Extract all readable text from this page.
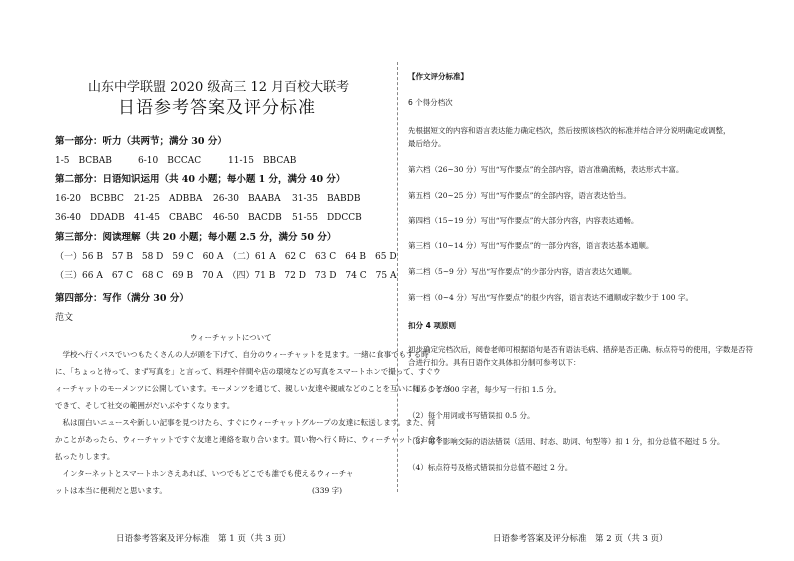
山东中学联盟 2020 级高三 12 月百校大联考
日语参考答案及评分标准
第一部分：听力（共两节；满分 30 分）
1-5　BCBAB	6-10　BCCAC	11-15　BBCAB
第二部分：日语知识运用（共 40 小题；每小题 1 分，满分 40 分）
16-20　BCBBC 21-25　ADBBA 26-30　BAABA 31-35　BABDB
36-40　DDADB 41-45　CBABC 46-50　BACDB 51-55　DDCCB
第三部分：阅读理解（共 20 小题；每小题 2.5 分，满分 50 分）
（一）56 B　57 B　58 D　59 C　60 A　（二）61 A　62 C　63 C　64 B　65 D
（三）66 A　67 C　68 C　69 B　70 A　（四）71 B　72 D　73 D　74 C　75 A
第四部分：写作（满分 30 分）
范文
ウィーチャットについて
　学校へ行くバスでいつもたくさんの人が頭を下げて、自分のウィーチャットを見ます。一緒に食事でもする時
に、「ちょっと待って、まず写真を」と言って、料理や伴間や店の環境などの写真をスマートホンで撮って、すぐウ
ィーチャットのモーメンツに公開しています。モーメンツを通じて、親しい友達や親戚などのことを互いに知ることが
できて、そして社交の範囲がだいぶやすくなります。
　私は面白いニュースや新しい記事を見つけたら、すぐにウィーチャットグループの友達に転送します。また、何
かことがあったら、ウィーチャットですぐ友達と連絡を取り合います。買い物へ行く時に、ウィーチャットでお金を
払ったりします。
　インターネットとスマートホンさえあれば、いつでもどこでも誰でも使えるウィーチャ
ットは本当に便利だと思います。	(339 字)
日语参考答案及评分标准　第 1 页（共 3 页）
【作文评分标准】
6 个得分档次
先根据短文的内容和语言表达能力确定档次，然后按照该档次的标准并结合评分说明确定或调整，
最后给分。
第六档（26~30 分）写出“写作要点”的全部内容，语言准确流畅，表达形式丰富。
第五档（20~25 分）写出“写作要点”的全部内容，语言表达恰当。
第四档（15~19 分）写出“写作要点”的大部分内容，内容表达通畅。
第三档（10~14 分）写出“写作要点”的一部分内容，语言表达基本通顺。
第二档（5~9 分）写出“写作要点”的少部分内容，语言表达欠通顺。
第一档（0~4 分）写出“写作要点”的很少内容，语言表达不通顺或字数少于 100 字。
扣分 4 项原则
初步确定完档次后，阅卷老师可根据语句是否有语法毛病、措辞是否正确、标点符号的使用，字数是否符
合进行扣分。具有日语作文具体扣分制可参考以下：
（1）少于 300 字者，每少写一行扣 1.5 分。
（2）每个用词或书写错误扣 0.5 分。
（3）每个影响交际的语法错误（活用、时态、助词、句型等）扣 1 分，扣分总值不超过 5 分。
（4）标点符号及格式错误扣分总值不超过 2 分。
日语参考答案及评分标准　第 2 页（共 3 页）
